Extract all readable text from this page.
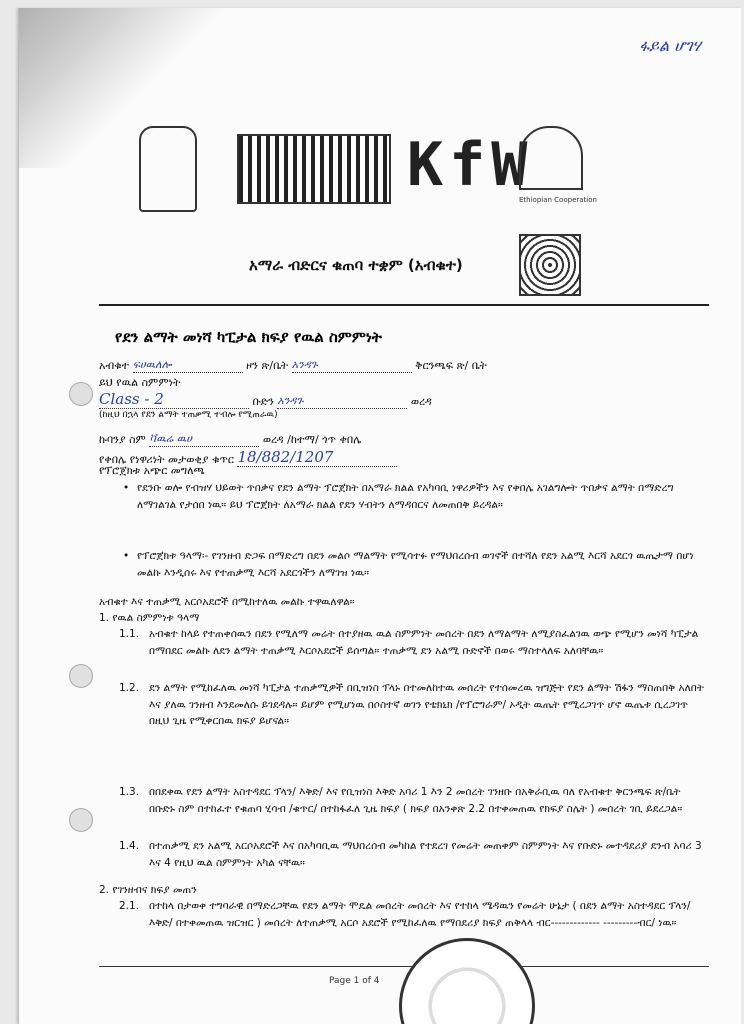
ፋይል ሆገሃ
KfW
Ethiopian Cooperation
አማራ ብድርና ቁጠባ ተቋም (አብቁተ)
የደን ልማት መነሻ ካፒታል ክፍያ የዉል ስምምነት
አብቁተ ፍሀዉለሎ	ዞን ጽ/ቤት አንዳጉ	ቅርንጫፍ ጽ/ ቤት
ይህ የዉል ስምምነት
Class - 2	ቡድን አንዳጉ	ወረዳ
(ከዚህ በኋላ የደን ልማት ተጠቃሚ ተብሎ የሚጠራዉ)
ኩባንያ ስም ቫዉሬ ዉሀ	ወረዳ /ከተማ/ ጎጥ ቀበሌ
የቀበሌ የነዋሪነት መታወቂያ ቁጥር 18/882/1207
የፕሮጀክቱ አጭር መግለጫ
• የደንቡ ወሎ የብዝሃ ህይወት ጥበቃና የደን ልማት ፕሮጀክት በአማራ ክልል የአካባቢ ነዋሪዎችን እና የቀበሌ አገልግሎት ጥበቃና ልማት በማድረግ ለማገልገል የታሰበ ነዉ። ይህ ፕሮጀክት ለአማራ ክልል የደን ሃብትን ለማዳበርና ለመጠበቅ ይረዳል።
• የፕሮጀክቱ ዓላማ፡- የገንዘብ ድጋፍ በማድረግ በደን መልሶ ማልማት የሚሳተፉ የማህበረሰብ ወገኖች በተሻለ የደን አልሚ እርሻ አደርጎ ዉጤታማ በሆነ መልኩ እንዲሰሩ እና የተጠቃሚ እርሻ አደርጎችን ለማገዝ ነዉ።
አብቁተ እና ተጠቃሚ አርሶአደሮች በሚከተለዉ መልኩ ተዋዉለዋል።
1. የዉል ስምምነቱ ዓላማ
1.1. አብቁተ ከላይ የተጠቀሰዉን በደን የሚለማ መሬት በተያዘዉ ዉል ስምምነት መሰረት በደን ለማልማት ለሚያስፈልገዉ ወጭ የሚሆን መነሻ ካፒታል በማበደር መልኩ ለደን ልማት ተጠቃሚ እርሶአደሮች ይሰጣል። ተጠቃሚ ደን አልሚ ቡድኖች በወሩ ማስተላለፍ አለባቸዉ።
1.2. ደን ልማት የሚከፈለዉ መነሻ ካፒታል ተጠቃሚዎች በቢዝነስ ፕላኑ በተመለከተዉ መሰረት የተሰመረዉ ዝግጅት የደን ልማት ሽፋን ማስጠበቅ አለበት እና ያለዉ ገንዘብ እንደመለሱ ይገደዳሉ። ይሆም የሚሆነዉ በሶስተኛ ወገን የቴክኒክ /የፕሮግራም/ ኦዲት ዉጤት የሚረጋገጥ ሆኖ ዉጤቱ ሲረጋገጥ በዚህ ጊዜ የሚቀርበዉ ክፍያ ይሆናል።
1.3. በበደቀዉ የደን ልማት አስተዳደር ፕላን/ እቅድ/ እና የቢዝነስ እቅድ አባሪ 1 እን 2 መሰረት ገንዘቡ በአቅራቢዉ ባለ የአብቁተ ቅርንጫፍ ጽ/ቤት በቡድኑ ስም በተከፈተ የቁጠባ ሂሳብ /ቁጥር/ በተከፋፈለ ጊዜ ክፍያ ( ክፍያ በአንቀጽ 2.2 በተቀመጠዉ የክፍያ ስሌት ) መሰረት ገቢ ይደረጋል።
1.4. በተጠቃሚ ደን አልሚ አርሶአደሮች እና በአካባቢዉ ማህበረሰብ መካከል የተደረገ የመሬት መጠቀም ስምምነት እና የቡድኑ መተዳደሪያ ደንብ አባሪ 3 እና 4 የዚህ ዉል ስምምነት አካል ናቸዉ።
2. የገንዘብና ክፍያ መጠን
2.1. በተከላ በታወቀ ተግባራዊ በማድረጋቸዉ የደን ልማት ሞዴል መሰረት መሰረት እና የተከላ ሜዳዉን የመሬት ሁኔታ ( በደን ልማት አስተዳደር ፕላን/እቅድ/ በተቀመጠዉ ዝርዝር ) መሰረት ለተጠቃሚ አርሶ አደሮች የሚከፈለዉ የማበደሪያ ክፍያ ጠቅላላ ብር------------- ---------ብር/ ነዉ።
Page 1 of 4
